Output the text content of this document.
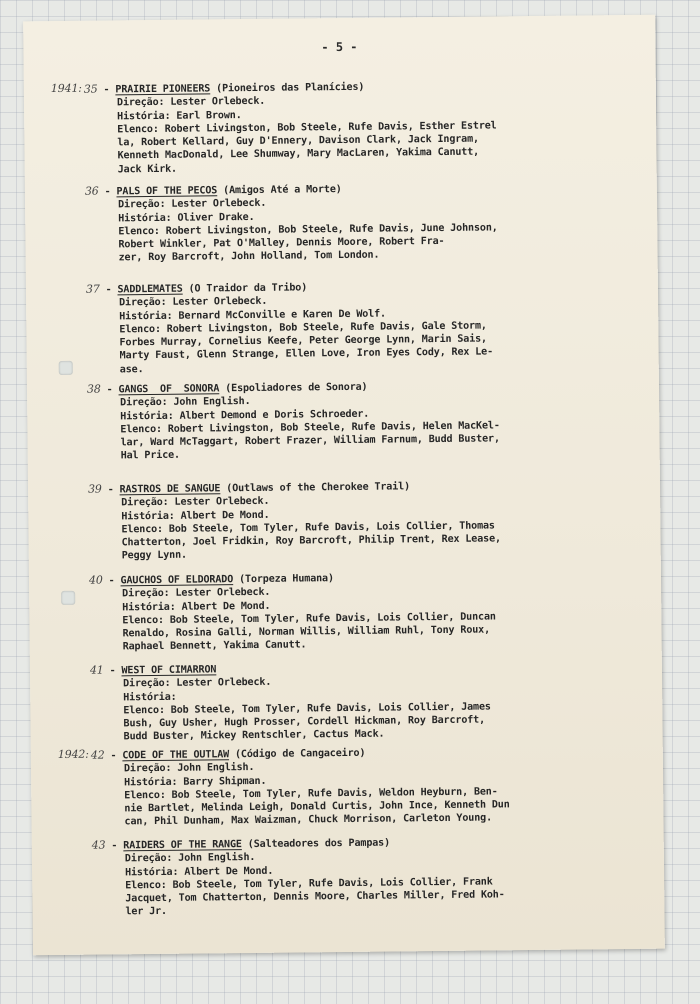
- 5 -
1941: 35 - PRAIRIE PIONEERS (Pioneiros das Planícies)
Direção: Lester Orlebeck.
História: Earl Brown.
Elenco: Robert Livingston, Bob Steele, Rufe Davis, Esther Estrel
la, Robert Kellard, Guy D'Ennery, Davison Clark, Jack Ingram,
Kenneth MacDonald, Lee Shumway, Mary MacLaren, Yakima Canutt,
Jack Kirk.
36 - PALS OF THE PECOS (Amigos Até a Morte)
Direção: Lester Orlebeck.
História: Oliver Drake.
Elenco: Robert Livingston, Bob Steele, Rufe Davis, June Johnson,
Robert Winkler, Pat O'Malley, Dennis Moore, Robert Fra-
zer, Roy Barcroft, John Holland, Tom London.
37 - SADDLEMATES (O Traidor da Tribo)
Direção: Lester Orlebeck.
História: Bernard McConville e Karen De Wolf.
Elenco: Robert Livingston, Bob Steele, Rufe Davis, Gale Storm,
Forbes Murray, Cornelius Keefe, Peter George Lynn, Marin Sais,
Marty Faust, Glenn Strange, Ellen Love, Iron Eyes Cody, Rex Le-
ase.
38 - GANGS  OF  SONORA (Espoliadores de Sonora)
Direção: John English.
História: Albert Demond e Doris Schroeder.
Elenco: Robert Livingston, Bob Steele, Rufe Davis, Helen MacKel-
lar, Ward McTaggart, Robert Frazer, William Farnum, Budd Buster,
Hal Price.
39 - RASTROS DE SANGUE (Outlaws of the Cherokee Trail)
Direção: Lester Orlebeck.
História: Albert De Mond.
Elenco: Bob Steele, Tom Tyler, Rufe Davis, Lois Collier, Thomas
Chatterton, Joel Fridkin, Roy Barcroft, Philip Trent, Rex Lease,
Peggy Lynn.
40 - GAUCHOS OF ELDORADO (Torpeza Humana)
Direção: Lester Orlebeck.
História: Albert De Mond.
Elenco: Bob Steele, Tom Tyler, Rufe Davis, Lois Collier, Duncan
Renaldo, Rosina Galli, Norman Willis, William Ruhl, Tony Roux,
Raphael Bennett, Yakima Canutt.
41 - WEST OF CIMARRON
Direção: Lester Orlebeck.
História:
Elenco: Bob Steele, Tom Tyler, Rufe Davis, Lois Collier, James
Bush, Guy Usher, Hugh Prosser, Cordell Hickman, Roy Barcroft,
Budd Buster, Mickey Rentschler, Cactus Mack.
1942: 42 - CODE OF THE OUTLAW (Código de Cangaceiro)
Direção: John English.
História: Barry Shipman.
Elenco: Bob Steele, Tom Tyler, Rufe Davis, Weldon Heyburn, Ben-
nie Bartlet, Melinda Leigh, Donald Curtis, John Ince, Kenneth Dun
can, Phil Dunham, Max Waizman, Chuck Morrison, Carleton Young.
43 - RAIDERS OF THE RANGE (Salteadores dos Pampas)
Direção: John English.
História: Albert De Mond.
Elenco: Bob Steele, Tom Tyler, Rufe Davis, Lois Collier, Frank
Jacquet, Tom Chatterton, Dennis Moore, Charles Miller, Fred Koh-
ler Jr.
